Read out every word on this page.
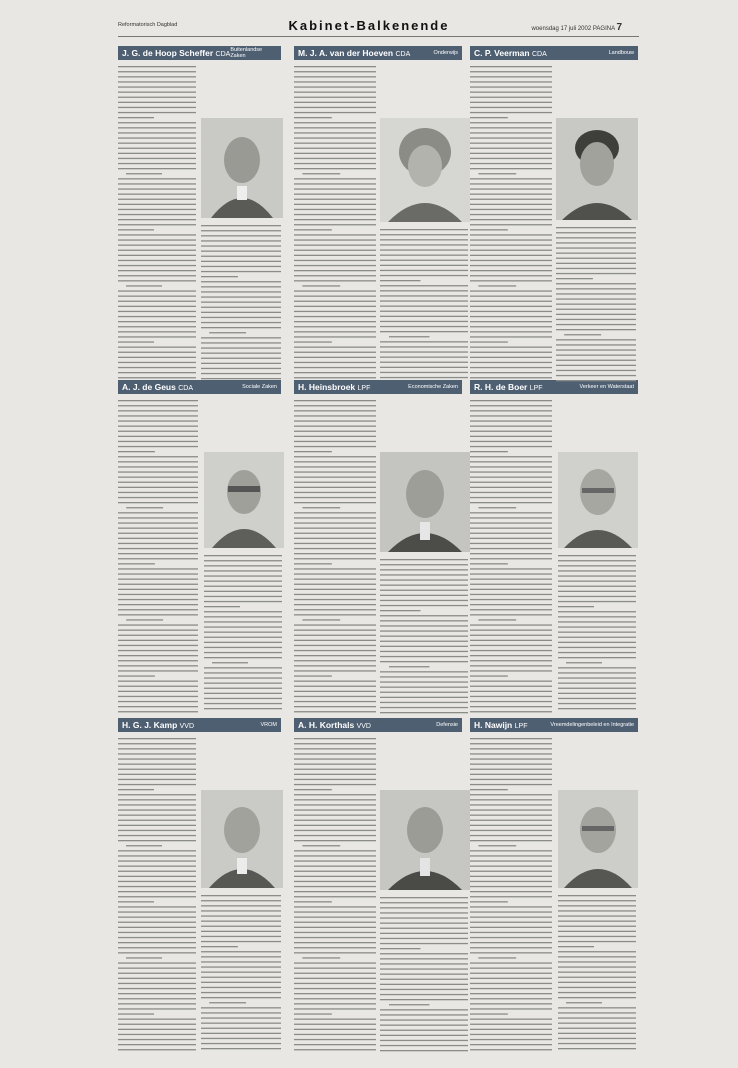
Reformatorisch Dagblad	Kabinet-Balkenende	woensdag 17 juli 2002 PAGINA 7
J. G. de Hoop Scheffer CDA
Buitenlandse Zaken	M. J. A. van der Hoeven CDA	Onderwijs C. P. Veerman CDA	Landbouw
A. J. de Geus CDA	Sociale Zaken H. Heinsbroek LPF	Economische Zaken R. H. de Boer LPF	Verkeer en Waterstaat
H. G. J. Kamp VVD	VROM A. H. Korthals VVD	Defensie H. Nawijn LPF	Vreemdelingenbeleid en Integratie
